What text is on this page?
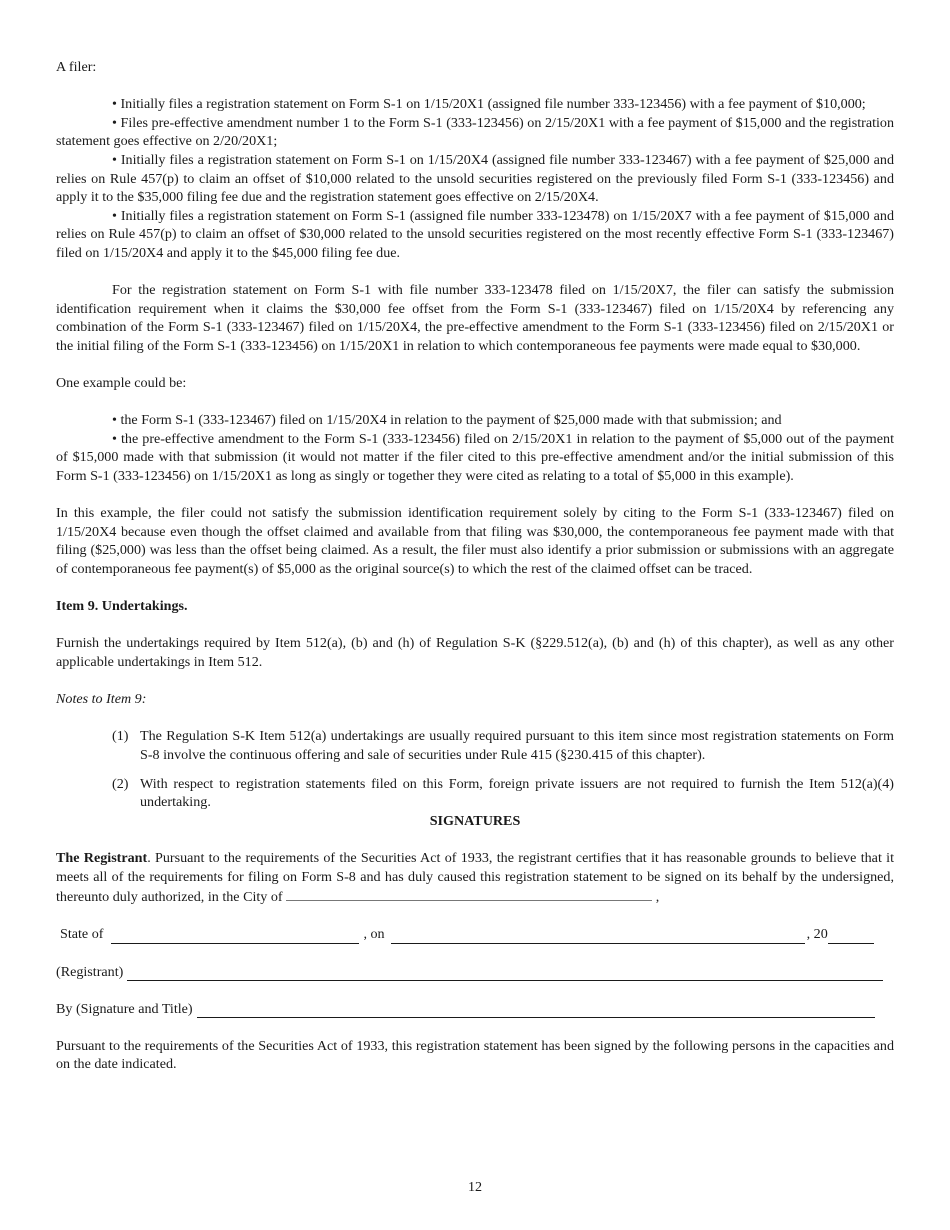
A filer:

• Initially files a registration statement on Form S-1 on 1/15/20X1 (assigned file number 333-123456) with a fee payment of $10,000;

• Files pre-effective amendment number 1 to the Form S-1 (333-123456) on 2/15/20X1 with a fee payment of $15,000 and the registration statement goes effective on 2/20/20X1;

• Initially files a registration statement on Form S-1 on 1/15/20X4 (assigned file number 333-123467) with a fee payment of $25,000 and relies on Rule 457(p) to claim an offset of $10,000 related to the unsold securities registered on the previously filed Form S-1 (333-123456) and apply it to the $35,000 filing fee due and the registration statement goes effective on 2/15/20X4.

• Initially files a registration statement on Form S-1 (assigned file number 333-123478) on 1/15/20X7 with a fee payment of $15,000 and relies on Rule 457(p) to claim an offset of $30,000 related to the unsold securities registered on the most recently effective Form S-1 (333-123467) filed on 1/15/20X4 and apply it to the $45,000 filing fee due.

For the registration statement on Form S-1 with file number 333-123478 filed on 1/15/20X7, the filer can satisfy the submission identification requirement when it claims the $30,000 fee offset from the Form S-1 (333-123467) filed on 1/15/20X4 by referencing any combination of the Form S-1 (333-123467) filed on 1/15/20X4, the pre-effective amendment to the Form S-1 (333-123456) filed on 2/15/20X1 or the initial filing of the Form S-1 (333-123456) on 1/15/20X1 in relation to which contemporaneous fee payments were made equal to $30,000.

One example could be:

• the Form S-1 (333-123467) filed on 1/15/20X4 in relation to the payment of $25,000 made with that submission; and

• the pre-effective amendment to the Form S-1 (333-123456) filed on 2/15/20X1 in relation to the payment of $5,000 out of the payment of $15,000 made with that submission (it would not matter if the filer cited to this pre-effective amendment and/or the initial submission of this Form S-1 (333-123456) on 1/15/20X1 as long as singly or together they were cited as relating to a total of $5,000 in this example).

In this example, the filer could not satisfy the submission identification requirement solely by citing to the Form S-1 (333-123467) filed on 1/15/20X4 because even though the offset claimed and available from that filing was $30,000, the contemporaneous fee payment made with that filing ($25,000) was less than the offset being claimed. As a result, the filer must also identify a prior submission or submissions with an aggregate of contemporaneous fee payment(s) of $5,000 as the original source(s) to which the rest of the claimed offset can be traced.

Item 9. Undertakings.

Furnish the undertakings required by Item 512(a), (b) and (h) of Regulation S-K (§229.512(a), (b) and (h) of this chapter), as well as any other applicable undertakings in Item 512.

Notes to Item 9:

(1) The Regulation S-K Item 512(a) undertakings are usually required pursuant to this item since most registration statements on Form S-8 involve the continuous offering and sale of securities under Rule 415 (§230.415 of this chapter).
(2) With respect to registration statements filed on this Form, foreign private issuers are not required to furnish the Item 512(a)(4) undertaking.

SIGNATURES

The Registrant. Pursuant to the requirements of the Securities Act of 1933, the registrant certifies that it has reasonable grounds to believe that it meets all of the requirements for filing on Form S-8 and has duly caused this registration statement to be signed on its behalf by the undersigned, thereunto duly authorized, in the City of	,

State of	, on	, 20
(Registrant)
By (Signature and Title)

Pursuant to the requirements of the Securities Act of 1933, this registration statement has been signed by the following persons in the capacities and on the date indicated.

12
